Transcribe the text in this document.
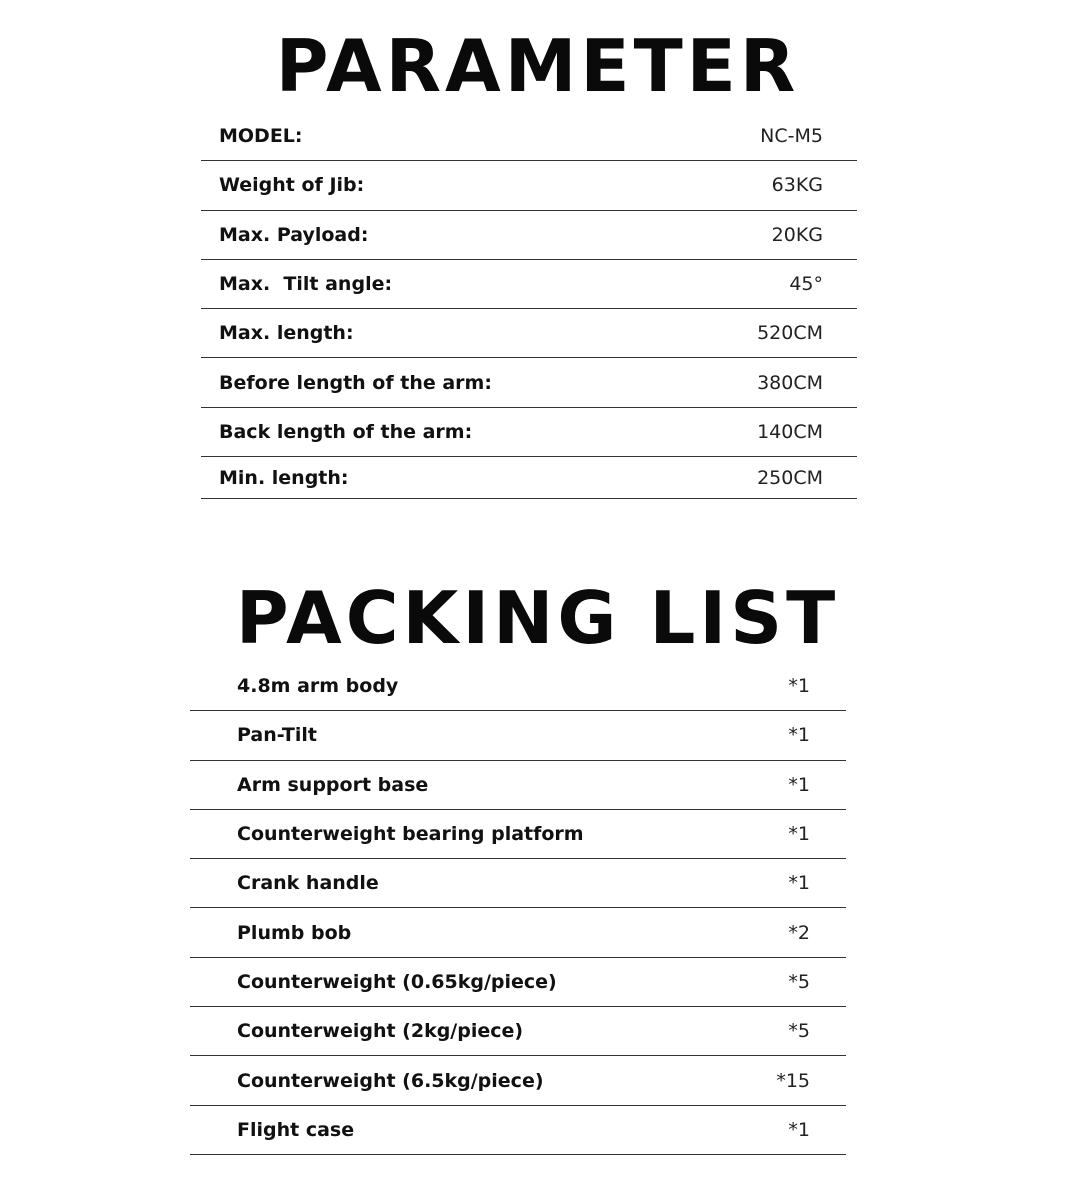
PARAMETER
MODEL:	NC-M5
Weight of Jib:	63KG
Max. Payload:	20KG
Max.  Tilt angle:	45°
Max. length:	520CM
Before length of the arm:	380CM
Back length of the arm:	140CM
Min. length:	250CM
PACKING LIST
4.8m arm body	*1
Pan-Tilt	*1
Arm support base	*1
Counterweight bearing platform	*1
Crank handle	*1
Plumb bob	*2
Counterweight (0.65kg/piece)	*5
Counterweight (2kg/piece)	*5
Counterweight (6.5kg/piece)	*15
Flight case	*1
